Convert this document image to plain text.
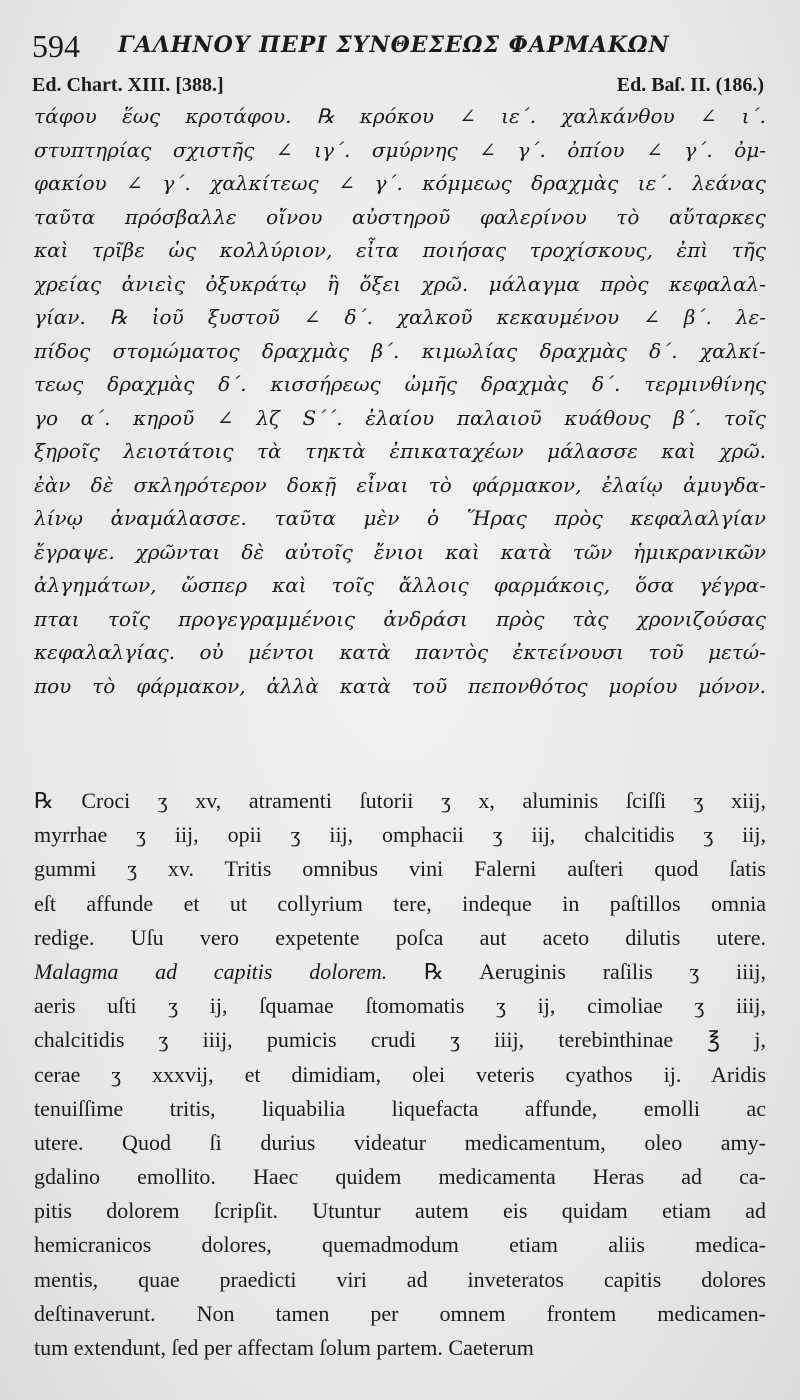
594 ΓΑΛΗΝΟΥ ΠΕΡΙ ΣΥΝΘΕΣΕΩΣ ΦΑΡΜΑΚΩΝ
Ed. Chart. XIII. [388.]	Ed. Baſ. II. (186.)
τάφου ἕως κροτάφου. ℞ κρόκου ∠ ιε΄. χαλκάνθου ∠ ι΄.
στυπτηρίας σχιστῆς ∠ ιγ΄. σμύρνης ∠ γ΄. ὀπίου ∠ γ΄. ὀμ-
φακίου ∠ γ΄. χαλκίτεως ∠ γ΄. κόμμεως δραχμὰς ιε΄. λεάνας
ταῦτα πρόσβαλλε οἴνου αὐστηροῦ φαλερίνου τὸ αὔταρκες
καὶ τρῖβε ὡς κολλύριον, εἶτα ποιήσας τροχίσκους, ἐπὶ τῆς
χρείας ἀνιεὶς ὀξυκράτῳ ἢ ὄξει χρῶ. μάλαγμα πρὸς κεφαλαλ-
γίαν. ℞ ἰοῦ ξυστοῦ ∠ δ΄. χαλκοῦ κεκαυμένου ∠ β΄. λε-
πίδος στομώματος δραχμὰς β΄. κιμωλίας δραχμὰς δ΄. χαλκί-
τεως δραχμὰς δ΄. κισσήρεως ὠμῆς δραχμὰς δ΄. τερμινθίνης
γο α΄. κηροῦ ∠ λζ S΄΄. ἐλαίου παλαιοῦ κυάθους β΄. τοῖς
ξηροῖς λειοτάτοις τὰ τηκτὰ ἐπικαταχέων μάλασσε καὶ χρῶ.
ἐὰν δὲ σκληρότερον δοκῇ εἶναι τὸ φάρμακον, ἐλαίῳ ἀμυγδα-
λίνῳ ἀναμάλασσε. ταῦτα μὲν ὁ Ἥρας πρὸς κεφαλαλγίαν
ἔγραψε. χρῶνται δὲ αὐτοῖς ἔνιοι καὶ κατὰ τῶν ἡμικρανικῶν
ἀλγημάτων, ὥσπερ καὶ τοῖς ἄλλοις φαρμάκοις, ὅσα γέγρα-
πται τοῖς προγεγραμμένοις ἀνδράσι πρὸς τὰς χρονιζούσας
κεφαλαλγίας. οὐ μέντοι κατὰ παντὸς ἐκτείνουσι τοῦ μετώ-
που τὸ φάρμακον, ἀλλὰ κατὰ τοῦ πεπονθότος μορίου μόνον.
℞ Croci ʒ xv, atramenti ſutorii ʒ x, aluminis ſciſſi ʒ xiij,
myrrhae ʒ iij, opii ʒ iij, omphacii ʒ iij, chalcitidis ʒ iij,
gummi ʒ xv. Tritis omnibus vini Falerni auſteri quod ſatis
eſt affunde et ut collyrium tere, indeque in paſtillos omnia
redige. Uſu vero expetente poſca aut aceto dilutis utere.
Malagma ad capitis dolorem. ℞ Aeruginis raſilis ʒ iiij,
aeris uſti ʒ ij, ſquamae ſtomomatis ʒ ij, cimoliae ʒ iiij,
chalcitidis ʒ iiij, pumicis crudi ʒ iiij, terebinthinae ℥ j,
cerae ʒ xxxvij, et dimidiam, olei veteris cyathos ij. Aridis
tenuiſſime tritis, liquabilia liquefacta affunde, emolli ac
utere. Quod ſi durius videatur medicamentum, oleo amy-
gdalino emollito. Haec quidem medicamenta Heras ad ca-
pitis dolorem ſcripſit. Utuntur autem eis quidam etiam ad
hemicranicos dolores, quemadmodum etiam aliis medica-
mentis, quae praedicti viri ad inveteratos capitis dolores
deſtinaverunt. Non tamen per omnem frontem medicamen-
tum extendunt, ſed per affectam ſolum partem. Caeterum
